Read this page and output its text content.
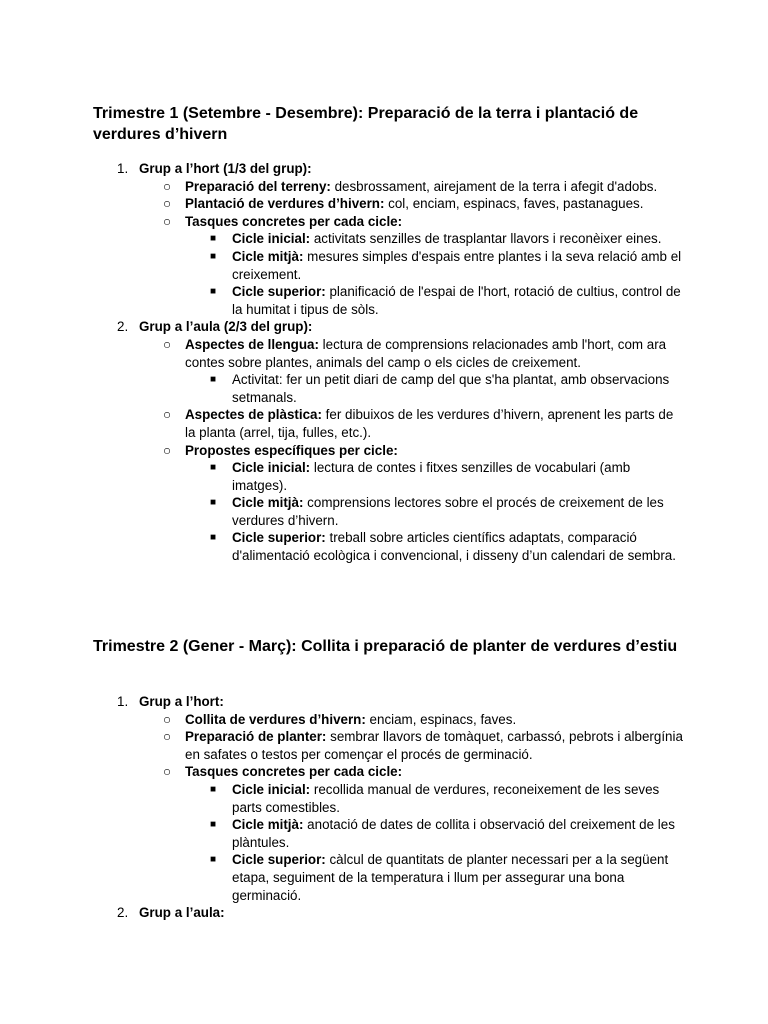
Trimestre 1 (Setembre - Desembre): Preparació de la terra i plantació de verdures d’hivern
1. Grup a l’hort (1/3 del grup):
○ Preparació del terreny: desbrossament, airejament de la terra i afegit d'adobs.
○ Plantació de verdures d’hivern: col, enciam, espinacs, faves, pastanagues.
○ Tasques concretes per cada cicle:
■ Cicle inicial: activitats senzilles de trasplantar llavors i reconèixer eines.
■ Cicle mitjà: mesures simples d'espais entre plantes i la seva relació amb el creixement.
■ Cicle superior: planificació de l'espai de l'hort, rotació de cultius, control de la humitat i tipus de sòls.
2. Grup a l’aula (2/3 del grup):
○ Aspectes de llengua: lectura de comprensions relacionades amb l'hort, com ara contes sobre plantes, animals del camp o els cicles de creixement.
■ Activitat: fer un petit diari de camp del que s'ha plantat, amb observacions setmanals.
○ Aspectes de plàstica: fer dibuixos de les verdures d’hivern, aprenent les parts de la planta (arrel, tija, fulles, etc.).
○ Propostes específiques per cicle:
■ Cicle inicial: lectura de contes i fitxes senzilles de vocabulari (amb imatges).
■ Cicle mitjà: comprensions lectores sobre el procés de creixement de les verdures d’hivern.
■ Cicle superior: treball sobre articles científics adaptats, comparació d'alimentació ecològica i convencional, i disseny d’un calendari de sembra.
Trimestre 2 (Gener - Març): Collita i preparació de planter de verdures d’estiu
1. Grup a l’hort:
○ Collita de verdures d’hivern: enciam, espinacs, faves.
○ Preparació de planter: sembrar llavors de tomàquet, carbassó, pebrots i albergínia en safates o testos per començar el procés de germinació.
○ Tasques concretes per cada cicle:
■ Cicle inicial: recollida manual de verdures, reconeixement de les seves parts comestibles.
■ Cicle mitjà: anotació de dates de collita i observació del creixement de les plàntules.
■ Cicle superior: càlcul de quantitats de planter necessari per a la següent etapa, seguiment de la temperatura i llum per assegurar una bona germinació.
2. Grup a l’aula:
